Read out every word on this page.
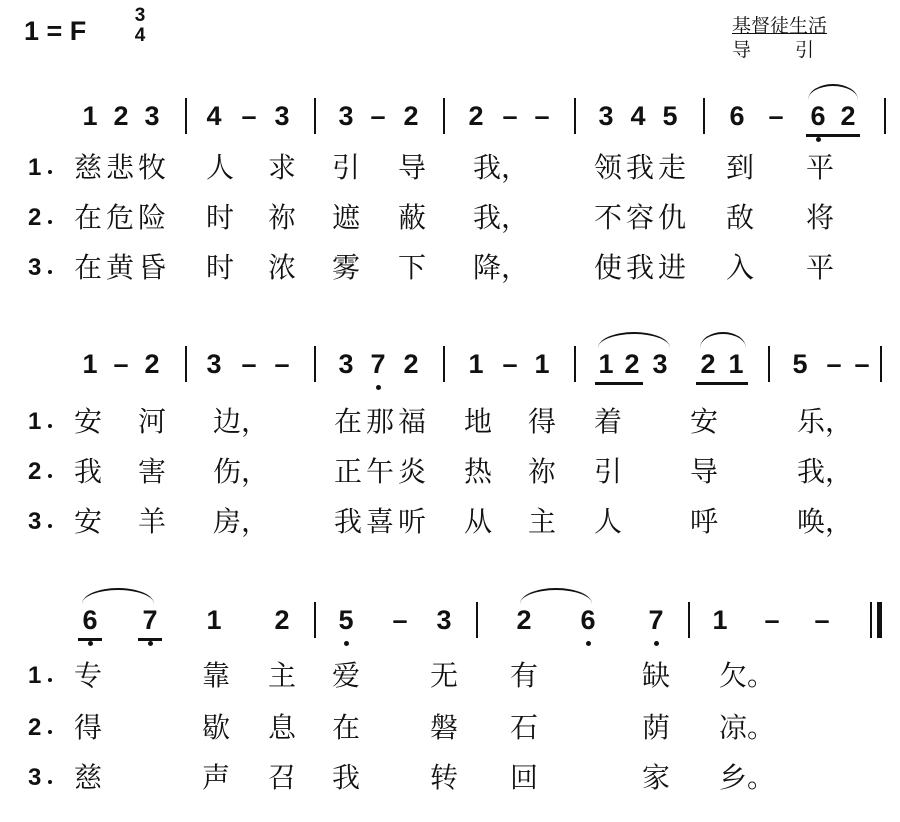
1 = F
3
4	基督徒生活
导　　 引
1 2 3 4 – 3 3 – 2 2 – – 3 4 5 6 – 6 2
1 慈 悲 牧 人 求 引 导 我， 领 我 走 到 平
2 在 危 险 时 祢 遮 蔽 我， 不 容 仇 敌 将
3 在 黄 昏 时 浓 雾 下 降， 使 我 进 入 平
1 – 2 3 – – 3 7 2 1 – 1 1 2 3 2 1 5 – –
1 安 河 边， 在 那 福 地 得 着 安	乐，
2 我 害 伤， 正 午 炎 热 祢 引 导	我，
3 安 羊 房， 我 喜 听 从 主 人 呼	唤，
6 7 1 2 5 – 3 2 6 7 1 – –
1 专	靠 主 爱 无 有	缺 欠。
2 得	歇 息 在 磐 石	荫 凉。
3 慈	声 召 我 转 回	家 乡。
